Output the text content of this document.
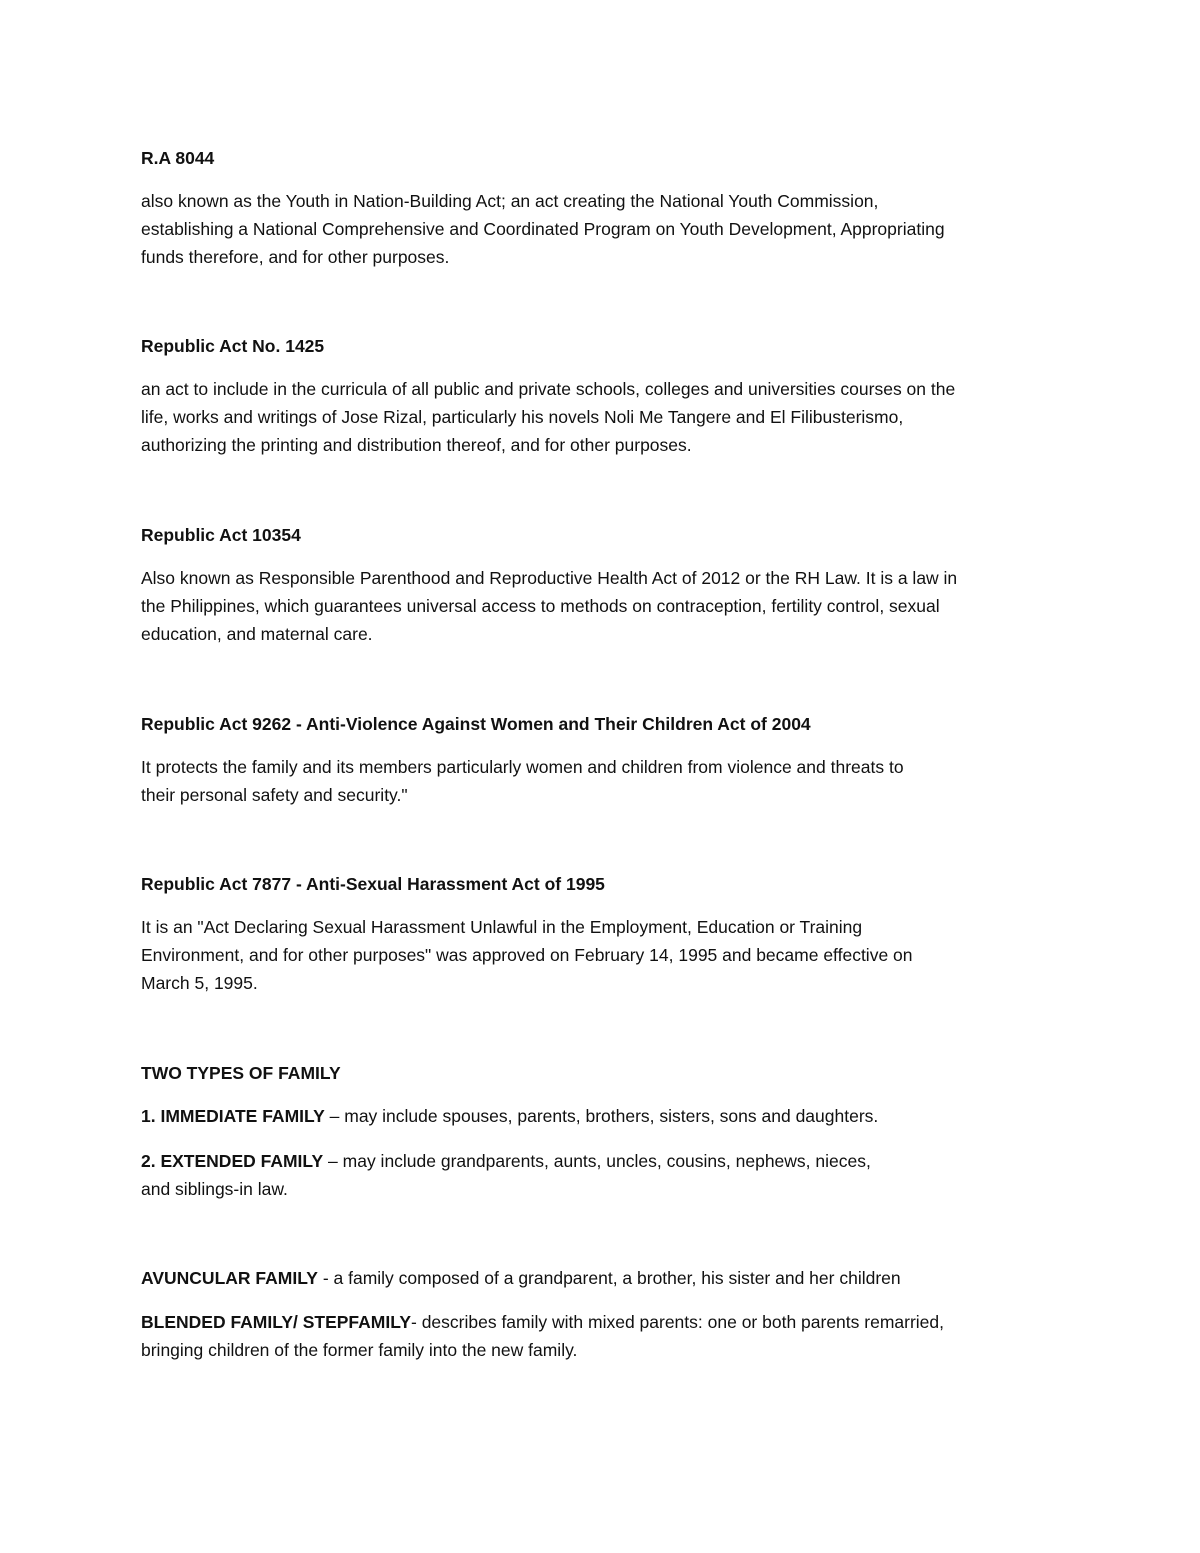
R.A 8044

also known as the Youth in Nation-Building Act; an act creating the National Youth Commission,

establishing a National Comprehensive and Coordinated Program on Youth Development, Appropriating

funds therefore, and for other purposes.

Republic Act No. 1425

an act to include in the curricula of all public and private schools, colleges and universities courses on the

life, works and writings of Jose Rizal, particularly his novels Noli Me Tangere and El Filibusterismo,

authorizing the printing and distribution thereof, and for other purposes.

Republic Act 10354

Also known as Responsible Parenthood and Reproductive Health Act of 2012 or the RH Law. It is a law in

the Philippines, which guarantees universal access to methods on contraception, fertility control, sexual

education, and maternal care.

Republic Act 9262 - Anti-Violence Against Women and Their Children Act of 2004

It protects the family and its members particularly women and children from violence and threats to

their personal safety and security."

Republic Act 7877 - Anti-Sexual Harassment Act of 1995

It is an "Act Declaring Sexual Harassment Unlawful in the Employment, Education or Training

Environment, and for other purposes" was approved on February 14, 1995 and became effective on

March 5, 1995.

TWO TYPES OF FAMILY

1. IMMEDIATE FAMILY – may include spouses, parents, brothers, sisters, sons and daughters.

2. EXTENDED FAMILY – may include grandparents, aunts, uncles, cousins, nephews, nieces,

and siblings-in law.

AVUNCULAR FAMILY - a family composed of a grandparent, a brother, his sister and her children

BLENDED FAMILY/ STEPFAMILY- describes family with mixed parents: one or both parents remarried,

bringing children of the former family into the new family.
